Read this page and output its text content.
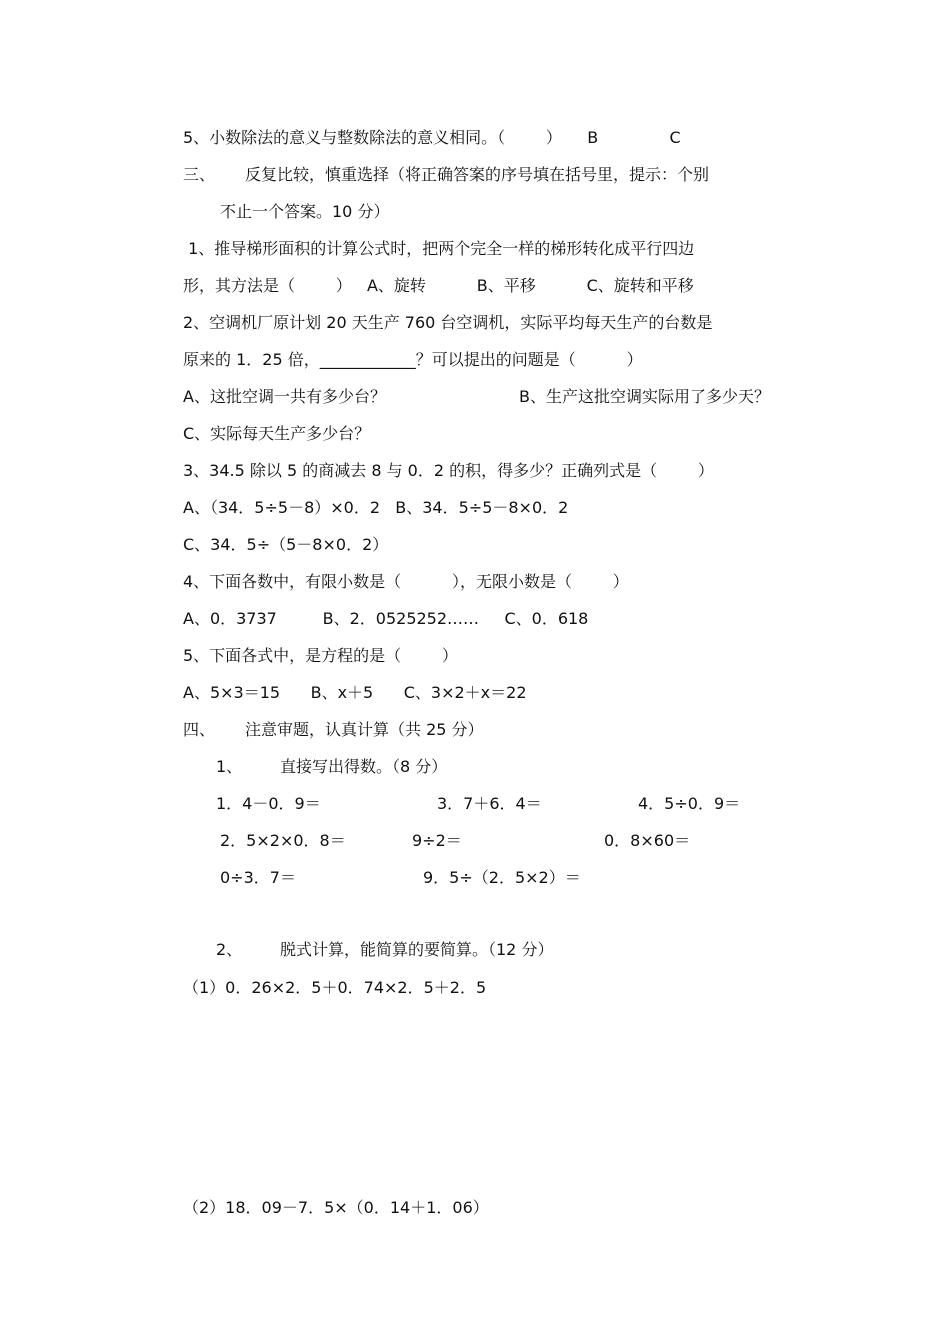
5、小数除法的意义与整数除法的意义相同。（        ）     B              C
三、 反复比较，慎重选择（将正确答案的序号填在括号里，提示：个别
不止一个答案。10 分）
1、推导梯形面积的计算公式时，把两个完全一样的梯形转化成平行四边
形，其方法是（        ）   A、旋转          B、平移          C、旋转和平移
2、空调机厂原计划 20 天生产 760 台空调机，实际平均每天生产的台数是
原来的 1．25 倍，____________？可以提出的问题是（          ）
A、这批空调一共有多少台？	B、生产这批空调实际用了多少天？
C、实际每天生产多少台？
3、34.5 除以 5 的商减去 8 与 0．2 的积，得多少？正确列式是（        ）
A、（34．5÷5－8）×0．2   B、34．5÷5－8×0．2
C、34．5÷（5－8×0．2）
4、下面各数中，有限小数是（          ），无限小数是（        ）
A、0．3737         B、2．0525252……     C、0．618
5、下面各式中，是方程的是（        ）
A、5×3＝15      B、x＋5      C、3×2＋x＝22
四、 注意审题，认真计算（共 25 分）
1、 直接写出得数。（8 分）
1．4－0．9＝	3．7＋6．4＝	4．5÷0．9＝
2．5×2×0．8＝	9÷2＝	0．8×60＝
0÷3．7＝	9．5÷（2．5×2）＝
2、 脱式计算，能简算的要简算。（12 分）
（1）0．26×2．5＋0．74×2．5＋2．5
（2）18．09－7．5×（0．14＋1．06）
